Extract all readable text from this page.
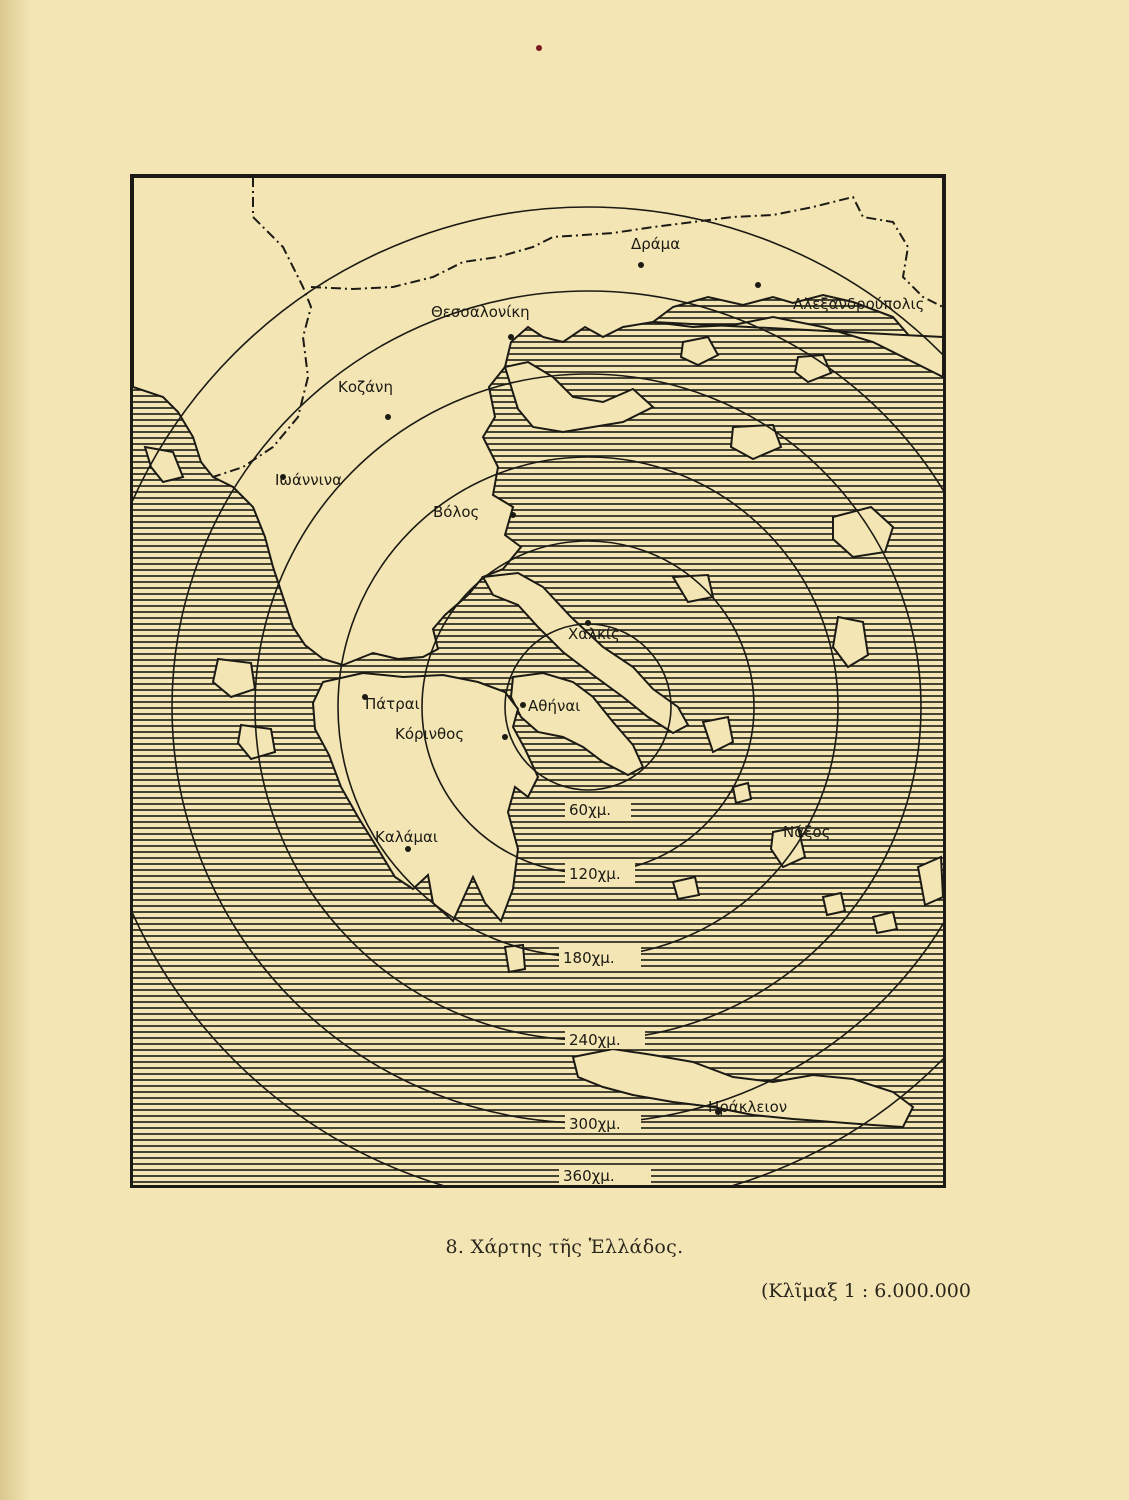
60χμ.
120χμ.
180χμ.
240χμ.
300χμ.
360χμ.
Δράμα
Αλεξανδρούπολις
Θεσσαλονίκη
Κοζάνη
Ιωάννινα
Βόλος
Χαλκίς
Πάτραι	Αθήναι
Κόρινθος
Καλάμαι	Νάξος
Ηράκλειον
8. Χάρτης τῆς Ἑλλάδος.
(Κλῖμαξ 1 : 6.000.000
